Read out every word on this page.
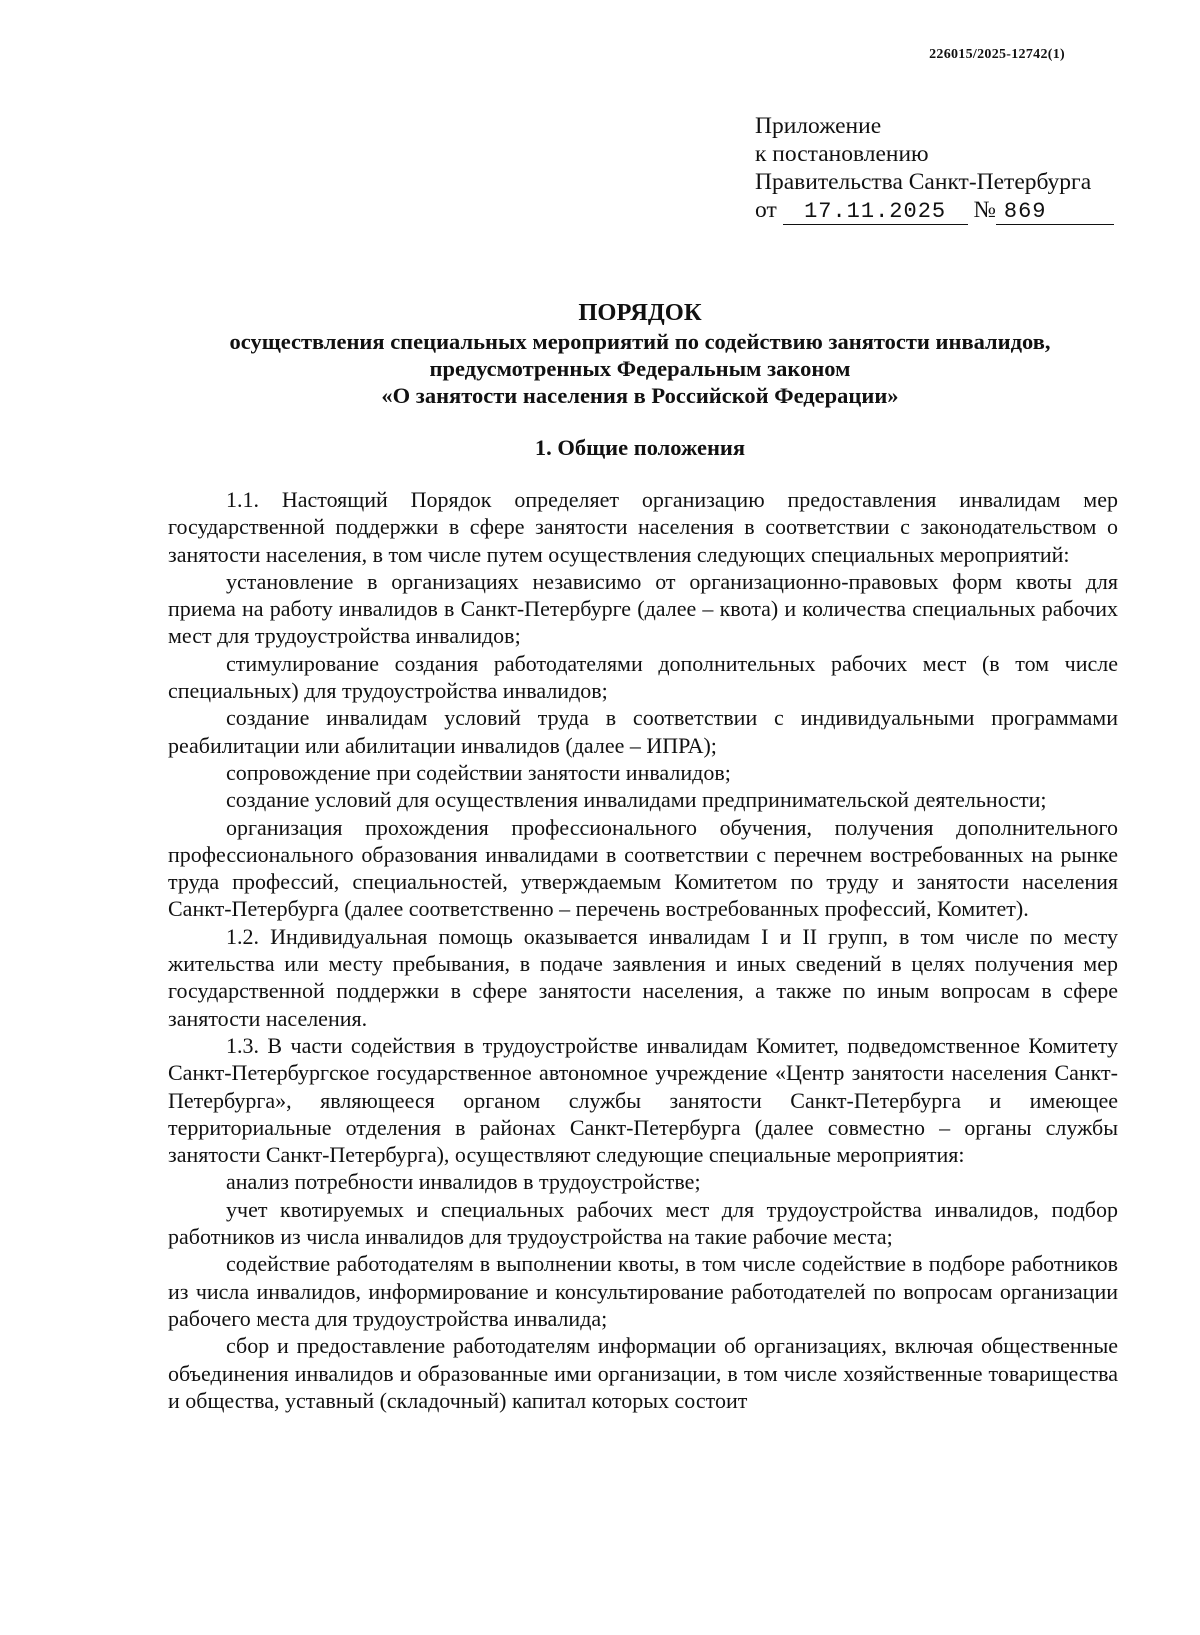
226015/2025-12742(1)
Приложение
к постановлению
Правительства Санкт-Петербурга
от 17.11.2025 № 869
ПОРЯДОК
осуществления специальных мероприятий по содействию занятости инвалидов,
предусмотренных Федеральным законом
«О занятости населения в Российской Федерации»
1. Общие положения

1.1. Настоящий Порядок определяет организацию предоставления инвалидам мер государственной поддержки в сфере занятости населения в соответствии с законодательством о занятости населения, в том числе путем осуществления следующих специальных мероприятий:

установление в организациях независимо от организационно-правовых форм квоты для приема на работу инвалидов в Санкт-Петербурге (далее – квота) и количества специальных рабочих мест для трудоустройства инвалидов;

стимулирование создания работодателями дополнительных рабочих мест (в том числе специальных) для трудоустройства инвалидов;

создание инвалидам условий труда в соответствии с индивидуальными программами реабилитации или абилитации инвалидов (далее – ИПРА);

сопровождение при содействии занятости инвалидов;

создание условий для осуществления инвалидами предпринимательской деятельности;

организация прохождения профессионального обучения, получения дополнительного профессионального образования инвалидами в соответствии с перечнем востребованных на рынке труда профессий, специальностей, утверждаемым Комитетом по труду и занятости населения Санкт-Петербурга (далее соответственно – перечень востребованных профессий, Комитет).

1.2. Индивидуальная помощь оказывается инвалидам I и II групп, в том числе по месту жительства или месту пребывания, в подаче заявления и иных сведений в целях получения мер государственной поддержки в сфере занятости населения, а также по иным вопросам в сфере занятости населения.

1.3. В части содействия в трудоустройстве инвалидам Комитет, подведомственное Комитету Санкт-Петербургское государственное автономное учреждение «Центр занятости населения Санкт-Петербурга», являющееся органом службы занятости Санкт-Петербурга и имеющее территориальные отделения в районах Санкт-Петербурга (далее совместно – органы службы занятости Санкт-Петербурга), осуществляют следующие специальные мероприятия:

анализ потребности инвалидов в трудоустройстве;

учет квотируемых и специальных рабочих мест для трудоустройства инвалидов, подбор работников из числа инвалидов для трудоустройства на такие рабочие места;

содействие работодателям в выполнении квоты, в том числе содействие в подборе работников из числа инвалидов, информирование и консультирование работодателей по вопросам организации рабочего места для трудоустройства инвалида;

сбор и предоставление работодателям информации об организациях, включая общественные объединения инвалидов и образованные ими организации, в том числе хозяйственные товарищества и общества, уставный (складочный) капитал которых состоит
